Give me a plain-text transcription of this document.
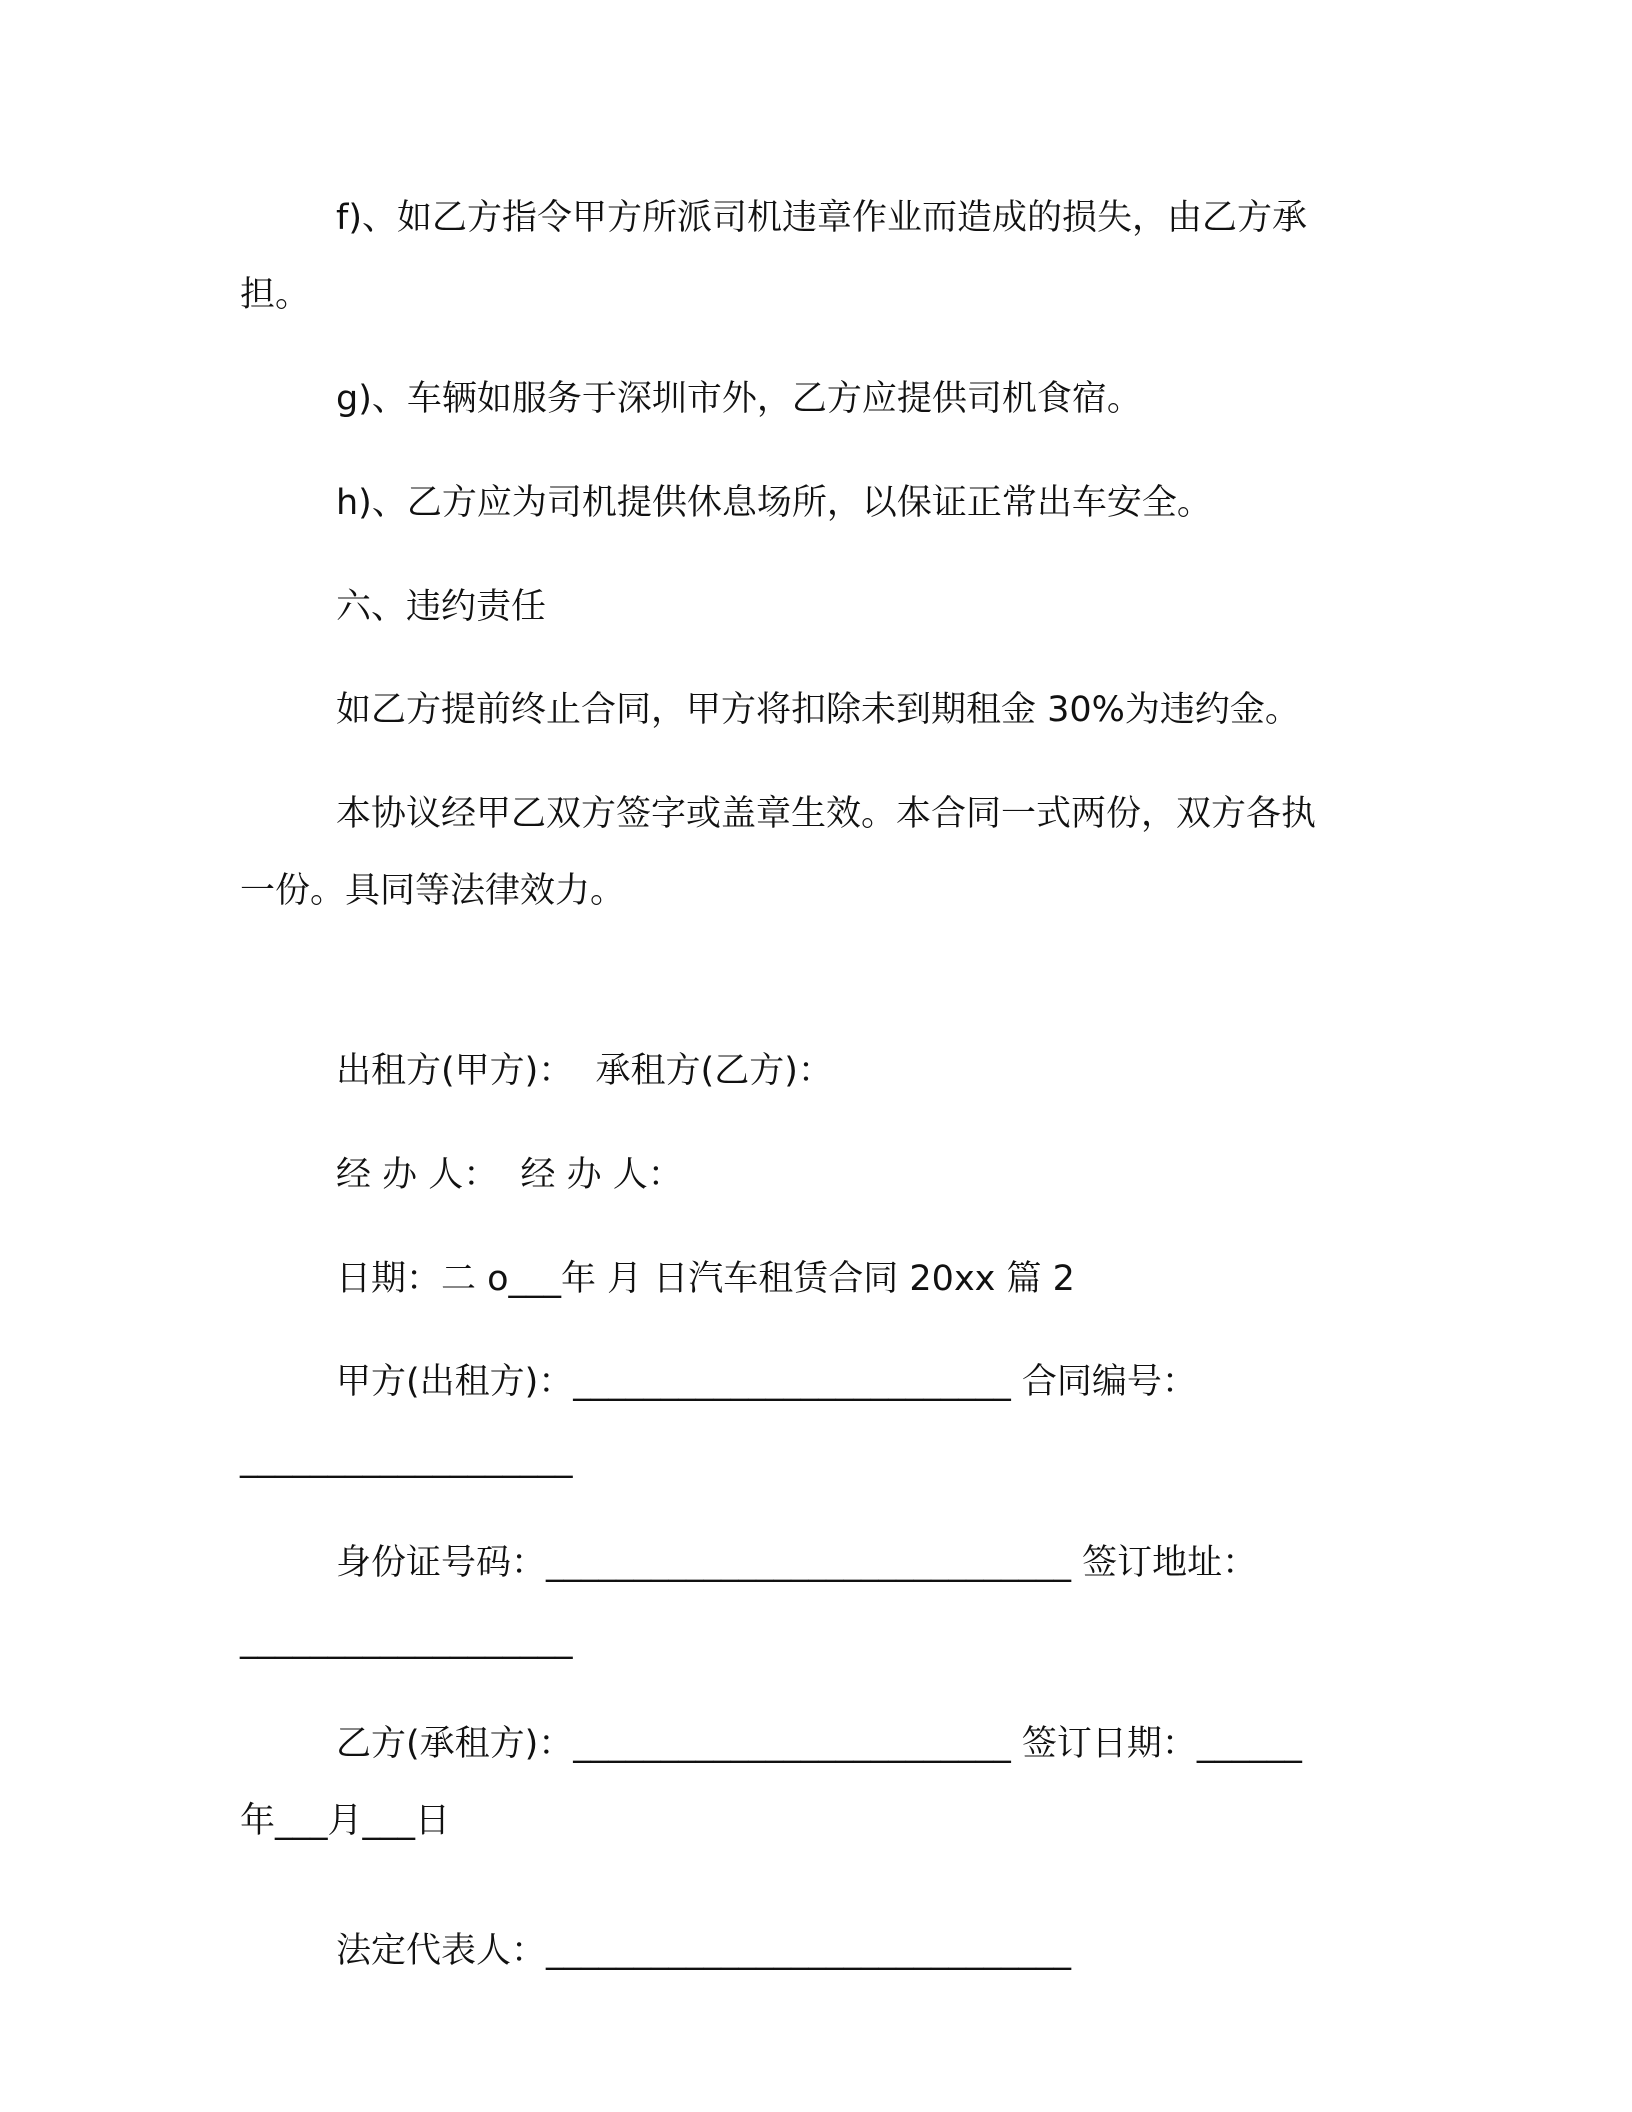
f)、如乙方指令甲方所派司机违章作业而造成的损失，由乙方承
担。

g)、车辆如服务于深圳市外，乙方应提供司机食宿。

h)、乙方应为司机提供休息场所，以保证正常出车安全。

六、违约责任

如乙方提前终止合同，甲方将扣除未到期租金 30%为违约金。

本协议经甲乙双方签字或盖章生效。本合同一式两份，双方各执
一份。具同等法律效力。

出租方(甲方)：  承租方(乙方)：

经 办 人：  经 办 人：

日期：二 o___年 月 日汽车租赁合同 20xx 篇 2

甲方(出租方)：_________________________ 合同编号：
___________________

身份证号码：______________________________ 签订地址：
___________________

乙方(承租方)：_________________________ 签订日期：______
年___月___日

法定代表人：______________________________
